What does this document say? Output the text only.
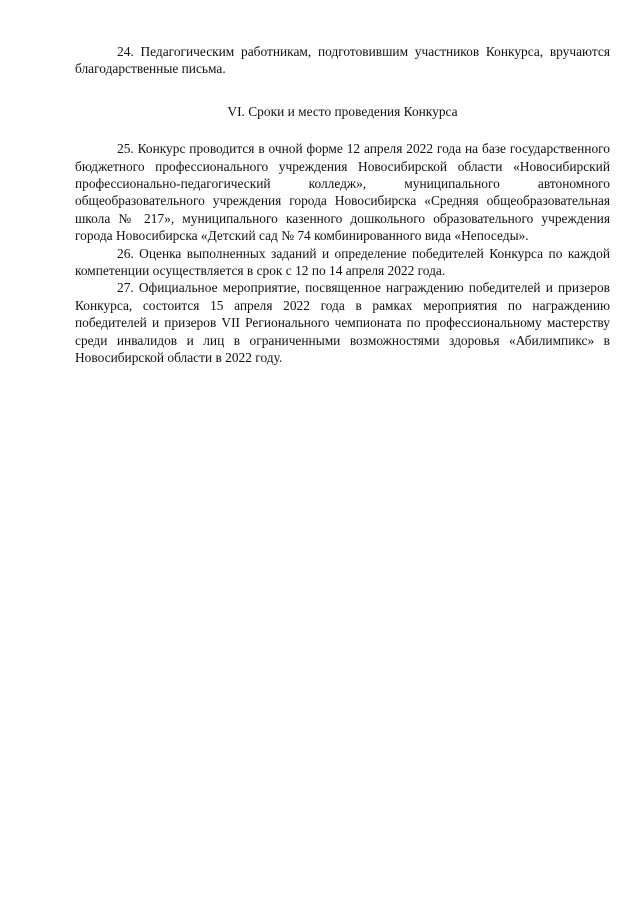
24. Педагогическим работникам, подготовившим участников Конкурса, вручаются благодарственные письма.

VI. Сроки и место проведения Конкурса

25. Конкурс проводится в очной форме 12 апреля 2022 года на базе государственного бюджетного профессионального учреждения Новосибирской области «Новосибирский профессионально-педагогический колледж», муниципального автономного общеобразовательного учреждения города Новосибирска «Средняя общеобразовательная школа № 217», муниципального казенного дошкольного образовательного учреждения города Новосибирска «Детский сад № 74 комбинированного вида «Непоседы».

26. Оценка выполненных заданий и определение победителей Конкурса по каждой компетенции осуществляется в срок с 12 по 14 апреля 2022 года.

27. Официальное мероприятие, посвященное награждению победителей и призеров Конкурса, состоится 15 апреля 2022 года в рамках мероприятия по награждению победителей и призеров VII Регионального чемпионата по профессиональному мастерству среди инвалидов и лиц в ограниченными возможностями здоровья «Абилимпикс» в Новосибирской области в 2022 году.
